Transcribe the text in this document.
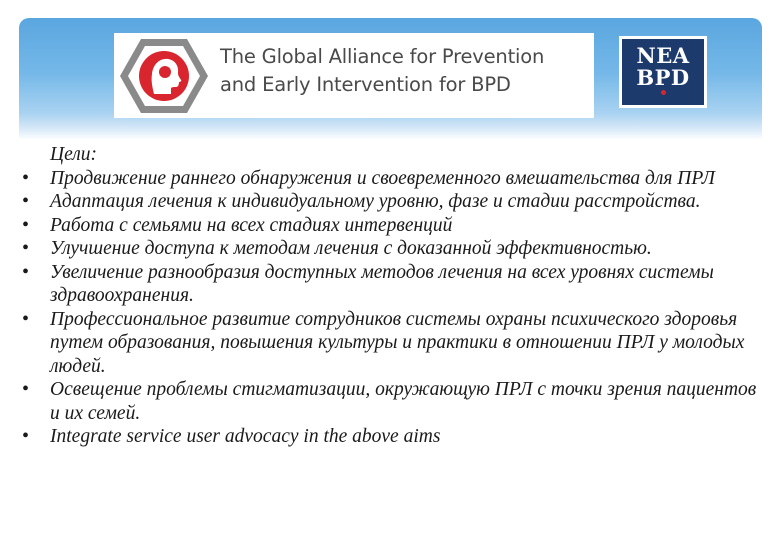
The Global Alliance for Prevention
and Early Intervention for BPD
NEA
BPD
Цели:
• Продвижение раннего обнаружения и своевременного вмешательства для ПРЛ
• Адаптация лечения к индивидуальному уровню, фазе и стадии расстройства.
• Работа с семьями на всех стадиях интервенций
• Улучшение доступа к методам лечения с доказанной эффективностью.
• Увеличение разнообразия доступных методов лечения на всех уровнях системы здравоохранения.
• Профессиональное развитие сотрудников системы охраны психического здоровья путем образования, повышения культуры и практики в отношении ПРЛ у молодых людей.
• Освещение проблемы стигматизации, окружающую ПРЛ с точки зрения пациентов и их семей.
• Integrate service user advocacy in the above aims
